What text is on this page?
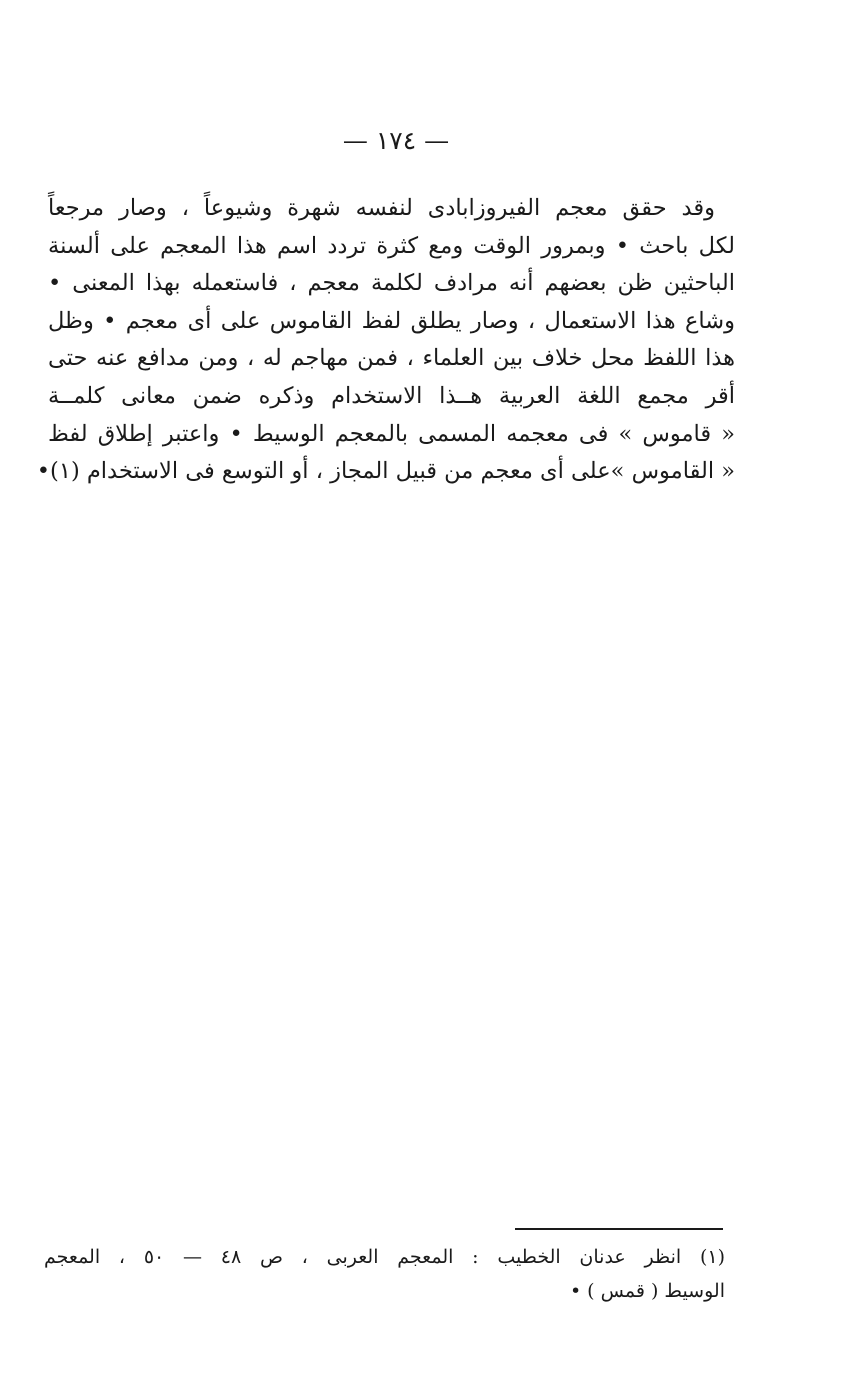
— ١٧٤ —
وقد حقق معجم الفيروزابادى لنفسه شهرة وشيوعاً ، وصار مرجعاً
لكل باحث • وبمرور الوقت ومع كثرة تردد اسم هذا المعجم على ألسنة
الباحثين ظن بعضهم أنه مرادف لكلمة معجم ، فاستعمله بهذا المعنى •
وشاع هذا الاستعمال ، وصار يطلق لفظ القاموس على أى معجم • وظل
هذا اللفظ محل خلاف بين العلماء ، فمن مهاجم له ، ومن مدافع عنه حتى
أقر مجمع اللغة العربية هــذا الاستخدام وذكره ضمن معانى كلمــة
« قاموس » فى معجمه المسمى بالمعجم الوسيط • واعتبر إطلاق لفظ
« القاموس »على أى معجم من قبيل المجاز ، أو التوسع فى الاستخدام (١)•
(١) انظر عدنان الخطيب : المعجم العربى ، ص ٤٨ — ٥٠ ، المعجم
الوسيط ( قمس ) •
